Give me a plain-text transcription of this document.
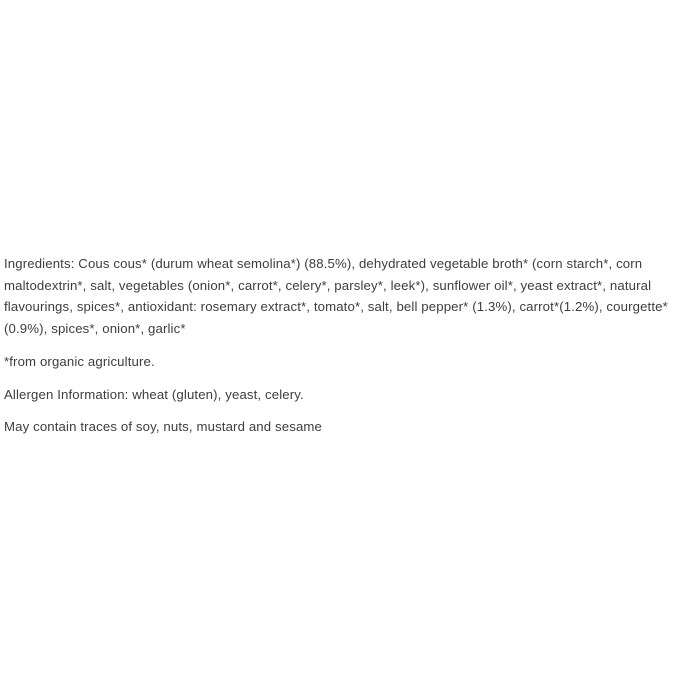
Ingredients: Cous cous* (durum wheat semolina*) (88.5%), dehydrated vegetable broth* (corn starch*, corn maltodextrin*, salt, vegetables (onion*, carrot*, celery*, parsley*, leek*), sunflower oil*, yeast extract*, natural flavourings, spices*, antioxidant: rosemary extract*, tomato*, salt, bell pepper* (1.3%), carrot*(1.2%), courgette* (0.9%), spices*, onion*, garlic*

*from organic agriculture.

Allergen Information: wheat (gluten), yeast, celery.

May contain traces of soy, nuts, mustard and sesame
